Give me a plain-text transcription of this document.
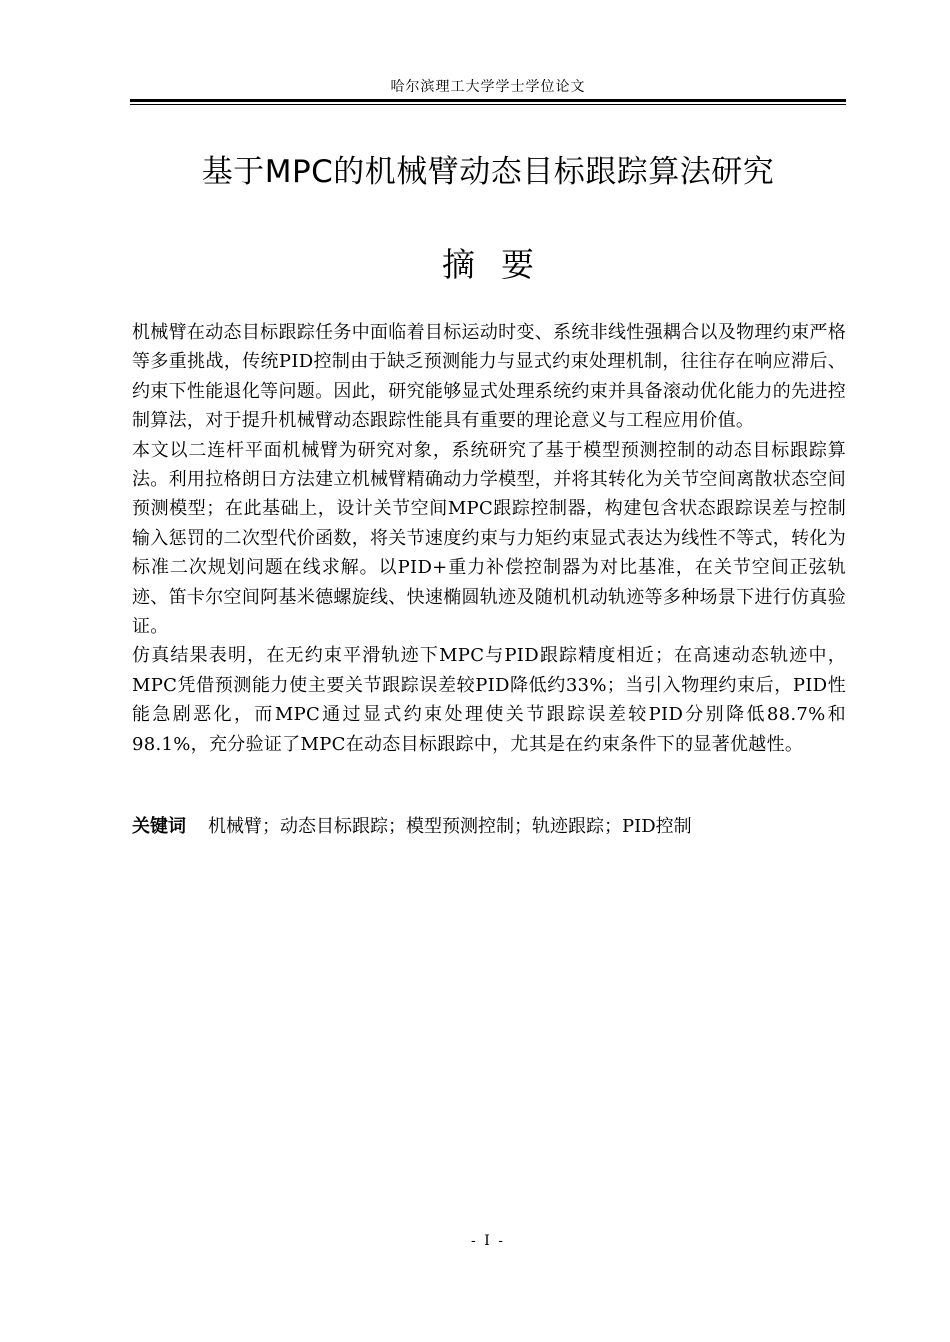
哈尔滨理工大学学士学位论文
基于MPC的机械臂动态目标跟踪算法研究
摘要

机械臂在动态目标跟踪任务中面临着目标运动时变、系统非线性强耦合以及物理约束严格等多重挑战，传统PID控制由于缺乏预测能力与显式约束处理机制，往往存在响应滞后、约束下性能退化等问题。因此，研究能够显式处理系统约束并具备滚动优化能力的先进控制算法，对于提升机械臂动态跟踪性能具有重要的理论意义与工程应用价值。

本文以二连杆平面机械臂为研究对象，系统研究了基于模型预测控制的动态目标跟踪算法。利用拉格朗日方法建立机械臂精确动力学模型，并将其转化为关节空间离散状态空间预测模型；在此基础上，设计关节空间MPC跟踪控制器，构建包含状态跟踪误差与控制输入惩罚的二次型代价函数，将关节速度约束与力矩约束显式表达为线性不等式，转化为标准二次规划问题在线求解。以PID+重力补偿控制器为对比基准，在关节空间正弦轨迹、笛卡尔空间阿基米德螺旋线、快速椭圆轨迹及随机机动轨迹等多种场景下进行仿真验证。

仿真结果表明，在无约束平滑轨迹下MPC与PID跟踪精度相近；在高速动态轨迹中，MPC凭借预测能力使主要关节跟踪误差较PID降低约33%；当引入物理约束后，PID性能急剧恶化，而MPC通过显式约束处理使关节跟踪误差较PID分别降低88.7%和98.1%，充分验证了MPC在动态目标跟踪中，尤其是在约束条件下的显著优越性。

关键词 机械臂；动态目标跟踪；模型预测控制；轨迹跟踪；PID控制
- I -
